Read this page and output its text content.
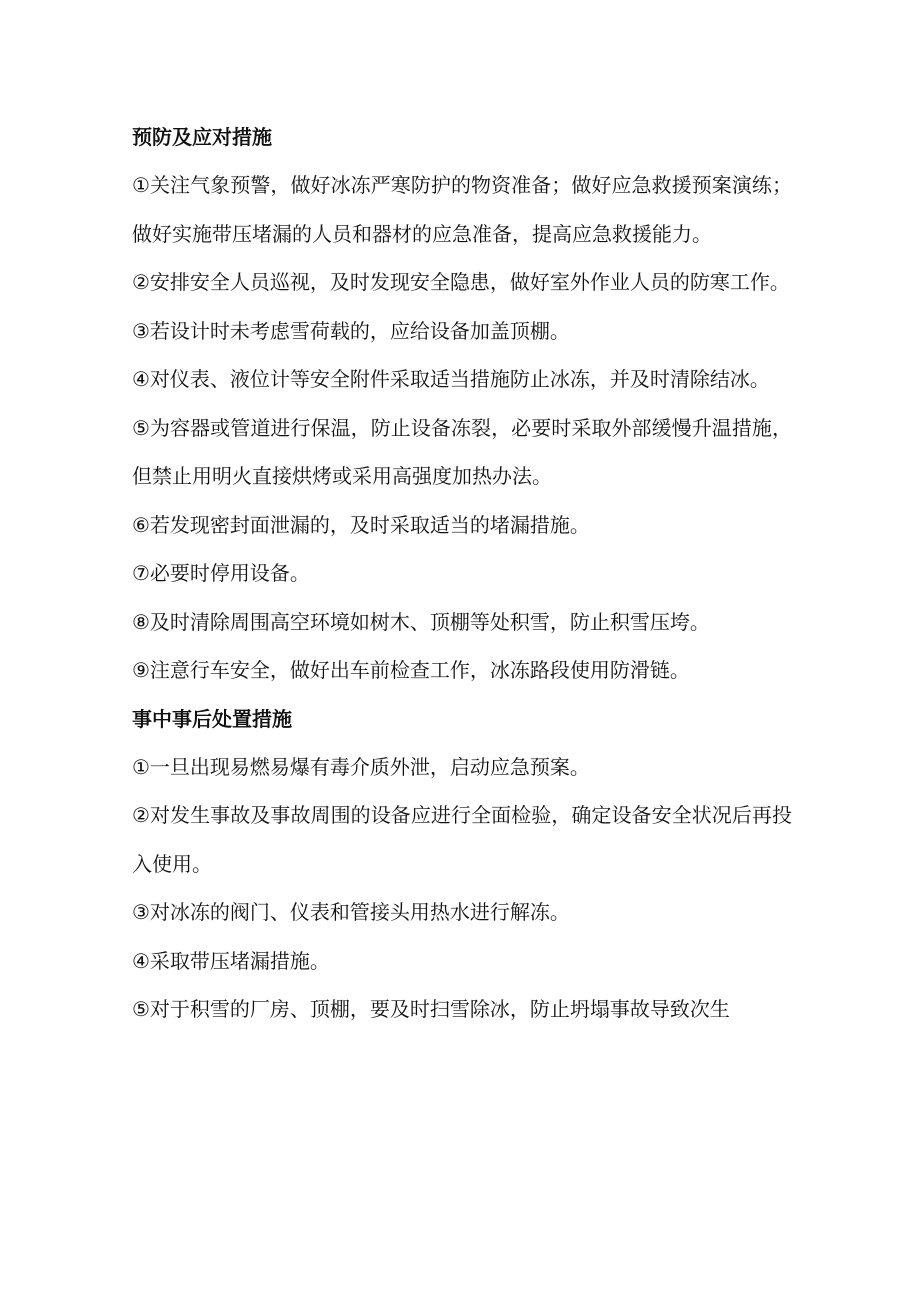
预防及应对措施

①关注气象预警，做好冰冻严寒防护的物资准备；做好应急救援预案演练；做好实施带压堵漏的人员和器材的应急准备，提高应急救援能力。

②安排安全人员巡视，及时发现安全隐患，做好室外作业人员的防寒工作。

③若设计时未考虑雪荷载的，应给设备加盖顶棚。

④对仪表、液位计等安全附件采取适当措施防止冰冻，并及时清除结冰。

⑤为容器或管道进行保温，防止设备冻裂，必要时采取外部缓慢升温措施，但禁止用明火直接烘烤或采用高强度加热办法。

⑥若发现密封面泄漏的，及时采取适当的堵漏措施。

⑦必要时停用设备。

⑧及时清除周围高空环境如树木、顶棚等处积雪，防止积雪压垮。

⑨注意行车安全，做好出车前检查工作，冰冻路段使用防滑链。

事中事后处置措施

①一旦出现易燃易爆有毒介质外泄，启动应急预案。

②对发生事故及事故周围的设备应进行全面检验，确定设备安全状况后再投入使用。

③对冰冻的阀门、仪表和管接头用热水进行解冻。

④采取带压堵漏措施。

⑤对于积雪的厂房、顶棚，要及时扫雪除冰，防止坍塌事故导致次生
